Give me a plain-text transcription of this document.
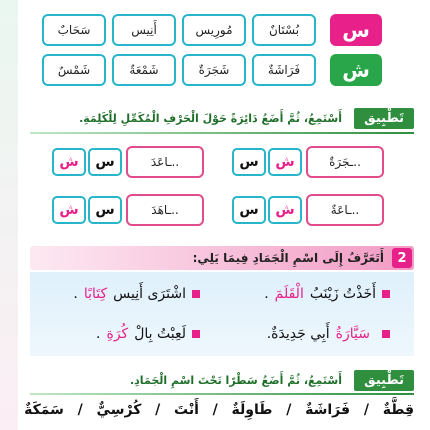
س
ش
بُسْتَانٌ
مُورِيس
أَنِيس
سَحَابٌ
فَرَاشَةٌ
شَجَرَةٌ
شَمْعَةٌ
شَمْسٌ
تَطْبِيق
أَسْتَمِعُ، ثُمَّ أَضَعُ دَائِرَةً حَوْلَ الْحَرْفِ الْمُكَمِّلِ لِلْكَلِمَةِ.
..ـجَرَةٌ
ش
س
..ـاعَةٌ
ش
س
..ـاعَدَ
س
ش
..ـاهَدَ
س
ش
2
أَتَعَرَّفُ إِلَى اسْمِ الْجَمَادِ فِيمَا يَلِي:
أَخَذْتُ زَيْنَبُ
الْقَلَمَ
.
اشْتَرَى أَنِيس
كِتَابًا
.
سَيَّارَةُ
أَبِي جَدِيدَةٌ.
لَعِبْتُ بِالْ
كُرَةِ
.
تَطْبِيق
أَسْتَمِعُ، ثُمَّ أَضَعُ سَطْرًا تَحْتَ اسْمِ الْجَمَادِ.
قِطَّةٌ
/
فَرَاشَةٌ
/
طَاوِلَةٌ
/
أَنْتَ
/
كُرْسِيٌّ
/
سَمَكَةٌ
